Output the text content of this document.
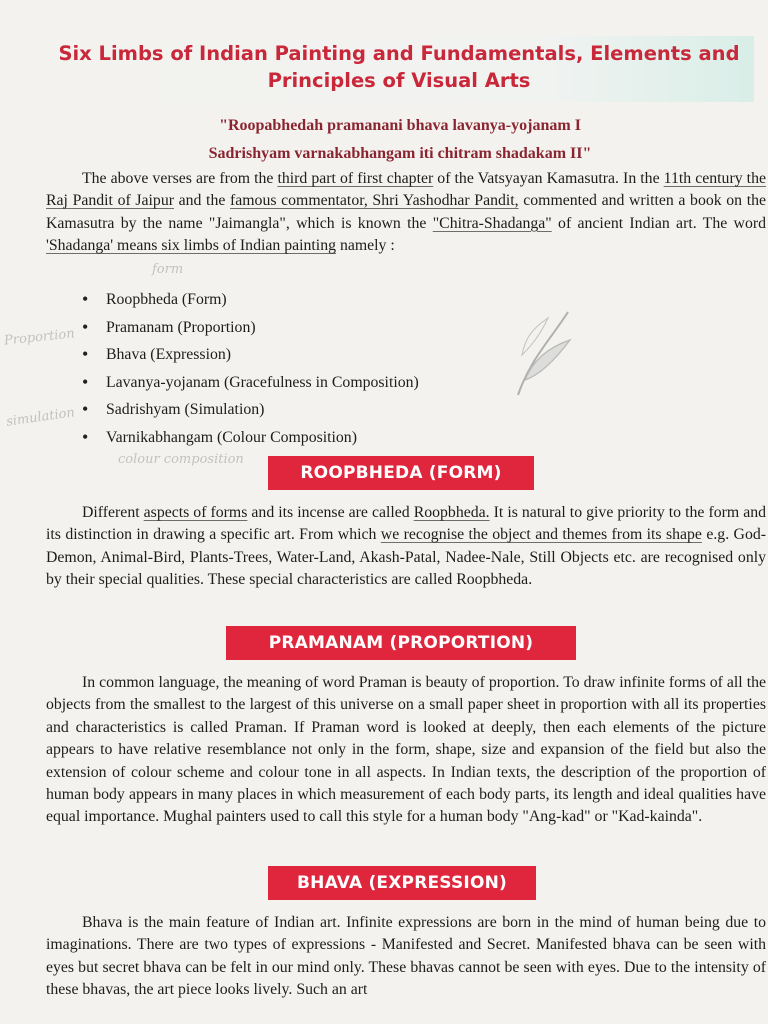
Six Limbs of Indian Painting and Fundamentals, Elements and
Principles of Visual Arts
"Roopabhedah pramanani bhava lavanya-yojanam I
Sadrishyam varnakabhangam iti chitram shadakam II"

The above verses are from the third part of first chapter of the Vatsyayan Kamasutra. In the 11th century the Raj Pandit of Jaipur and the famous commentator, Shri Yashodhar Pandit, commented and written a book on the Kamasutra by the name "Jaimangla", which is known the "Chitra-Shadanga" of ancient Indian art. The word 'Shadanga' means six limbs of Indian painting namely :

• Roopbheda (Form)
• Pramanam (Proportion)
• Bhava (Expression)
• Lavanya-yojanam (Gracefulness in Composition)
• Sadrishyam (Simulation)
• Varnikabhangam (Colour Composition)
form
Proportion
simulation
colour composition
ROOPBHEDA (FORM)

Different aspects of forms and its incense are called Roopbheda. It is natural to give priority to the form and its distinction in drawing a specific art. From which we recognise the object and themes from its shape e.g. God-Demon, Animal-Bird, Plants-Trees, Water-Land, Akash-Patal, Nadee-Nale, Still Objects etc. are recognised only by their special qualities. These special characteristics are called Roopbheda.

PRAMANAM (PROPORTION)

In common language, the meaning of word Praman is beauty of proportion. To draw infinite forms of all the objects from the smallest to the largest of this universe on a small paper sheet in proportion with all its properties and characteristics is called Praman. If Praman word is looked at deeply, then each elements of the picture appears to have relative resemblance not only in the form, shape, size and expansion of the field but also the extension of colour scheme and colour tone in all aspects. In Indian texts, the description of the proportion of human body appears in many places in which measurement of each body parts, its length and ideal qualities have equal importance. Mughal painters used to call this style for a human body "Ang-kad" or "Kad-kainda".

BHAVA (EXPRESSION)

Bhava is the main feature of Indian art. Infinite expressions are born in the mind of human being due to imaginations. There are two types of expressions - Manifested and Secret. Manifested bhava can be seen with eyes but secret bhava can be felt in our mind only. These bhavas cannot be seen with eyes. Due to the intensity of these bhavas, the art piece looks lively. Such an art
